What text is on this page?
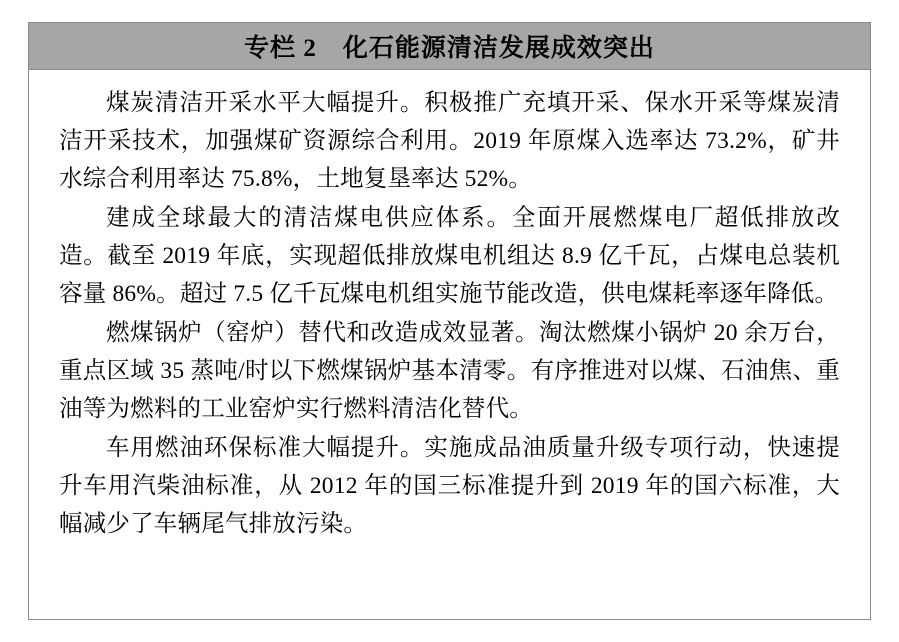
专栏 2　化石能源清洁发展成效突出

煤炭清洁开采水平大幅提升。积极推广充填开采、保水开采等煤炭清洁开采技术，加强煤矿资源综合利用。2019 年原煤入选率达 73.2%，矿井水综合利用率达 75.8%，土地复垦率达 52%。

建成全球最大的清洁煤电供应体系。全面开展燃煤电厂超低排放改造。截至 2019 年底，实现超低排放煤电机组达 8.9 亿千瓦，占煤电总装机容量 86%。超过 7.5 亿千瓦煤电机组实施节能改造，供电煤耗率逐年降低。

燃煤锅炉（窑炉）替代和改造成效显著。淘汰燃煤小锅炉 20 余万台，重点区域 35 蒸吨/时以下燃煤锅炉基本清零。有序推进对以煤、石油焦、重油等为燃料的工业窑炉实行燃料清洁化替代。

车用燃油环保标准大幅提升。实施成品油质量升级专项行动，快速提升车用汽柴油标准，从 2012 年的国三标准提升到 2019 年的国六标准，大幅减少了车辆尾气排放污染。
